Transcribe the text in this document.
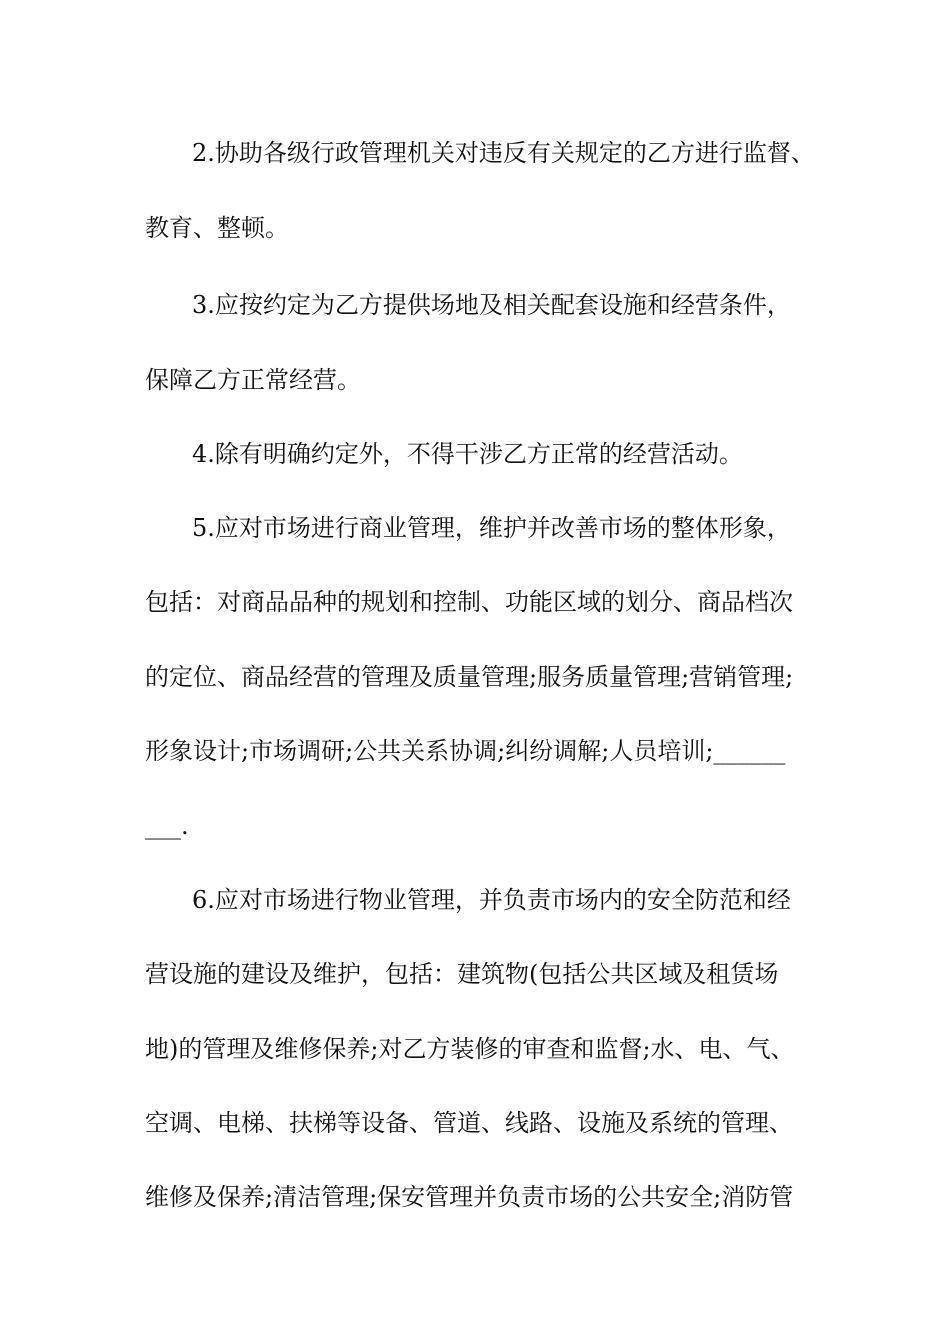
2.协助各级行政管理机关对违反有关规定的乙方进行监督、
教育、整顿。
3.应按约定为乙方提供场地及相关配套设施和经营条件，
保障乙方正常经营。
4.除有明确约定外，不得干涉乙方正常的经营活动。
5.应对市场进行商业管理，维护并改善市场的整体形象，
包括：对商品品种的规划和控制、功能区域的划分、商品档次
的定位、商品经营的管理及质量管理;服务质量管理;营销管理;
形象设计;市场调研;公共关系协调;纠纷调解;人员培训;______
___.
6.应对市场进行物业管理，并负责市场内的安全防范和经
营设施的建设及维护，包括：建筑物(包括公共区域及租赁场
地)的管理及维修保养;对乙方装修的审查和监督;水、电、气、
空调、电梯、扶梯等设备、管道、线路、设施及系统的管理、
维修及保养;清洁管理;保安管理并负责市场的公共安全;消防管
